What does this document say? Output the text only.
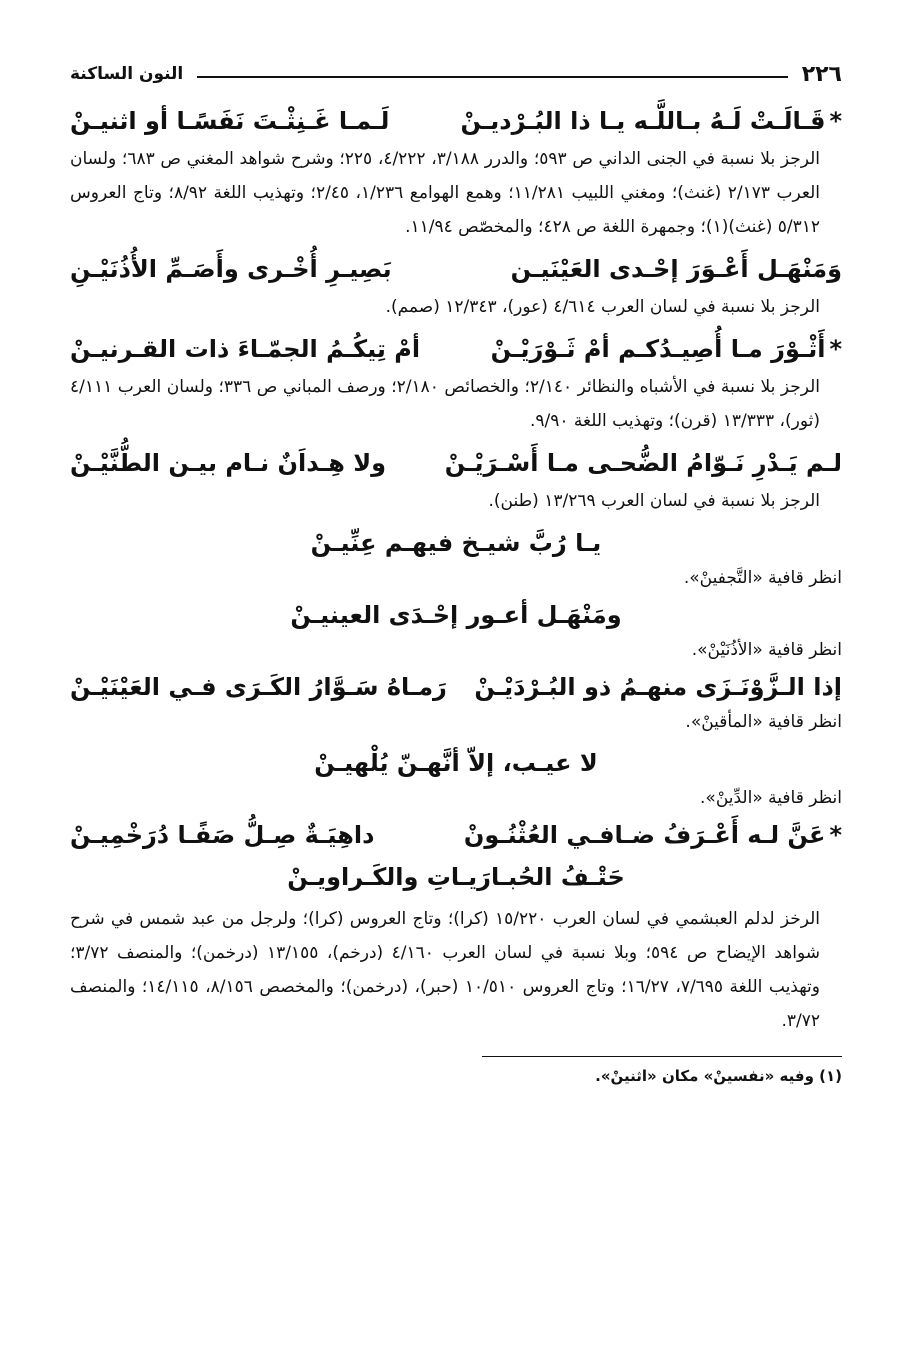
٢٢٦
النون الساكنة
*قَـالَـتْ لَـهُ بـاللَّـه يـا ذا البُـرْديـنْ
لَـمـا غَـنِثْـتَ نَفَسًـا أو اثنيـنْ

الرجز بلا نسبة في الجنى الداني ص ٥٩٣؛ والدرر ٣/١٨٨، ٤/٢٢٢، ٢٢٥؛ وشرح شواهد المغني ص ٦٨٣؛ ولسان العرب ٢/١٧٣ (غنث)؛ ومغني اللبيب ١١/٢٨١؛ وهمع الهوامع ١/٢٣٦، ٢/٤٥؛ وتهذيب اللغة ٨/٩٢؛ وتاج العروس ٥/٣١٢ (غنث)(١)؛ وجمهرة اللغة ص ٤٢٨؛ والمخصّص ١١/٩٤.

وَمَنْهَـل أَعْـوَرَ إحْـدى العَيْنَيـن
بَصِيـرِ أُخْـرى وأَصَـمِّ الأُذُنَيْـنِ

الرجز بلا نسبة في لسان العرب ٤/٦١٤ (عور)، ١٢/٣٤٣ (صمم).

*أَثْـوْرَ مـا أُصِيـدُكـم أمْ ثَـوْرَيْـنْ
أمْ تِيكُـمُ الجمّـاءَ ذات القـرنيـنْ

الرجز بلا نسبة في الأشباه والنظائر ٢/١٤٠؛ والخصائص ٢/١٨٠؛ ورصف المباني ص ٣٣٦؛ ولسان العرب ٤/١١١ (ثور)، ١٣/٣٣٣ (قرن)؛ وتهذيب اللغة ٩/٩٠.

لـم يَـدْرِ نَـوّامُ الضُّحـى مـا أَسْـرَيْـنْ
ولا هِـداَنٌ نـام بيـن الطُّنَّيْـنْ

الرجز بلا نسبة في لسان العرب ١٣/٢٦٩ (طنن).

يـا رُبَّ شيـخ فيهـم عِنِّيـنْ

انظر قافية «التَّجفينْ».

ومَنْهَـل أعـور إحْـدَى العينيـنْ

انظر قافية «الأذُنَيْنْ».

إذا الـزَّوْنَـزَى منهـمُ ذو البُـرْدَيْـنْ
رَمـاهُ سَـوَّارُ الكَـرَى فـي العَيْنَيْـنْ

انظر قافية «المأقينْ».

لا عيـب، إلاّ أنَّهـنّ يُلْهيـنْ

انظر قافية «الدِّينْ».

*عَنَّ لـه أَعْـرَفُ ضـافـي العُثْنُـونْ
داهِيَـةٌ صِـلُّ صَفًـا دُرَخْمِيـنْ
حَتْـفُ الحُبـارَيـاتِ والكَـراويـنْ

الرخز لدلم العبشمي في لسان العرب ١٥/٢٢٠ (كرا)؛ وتاج العروس (كرا)؛ ولرجل من عبد شمس في شرح شواهد الإيضاح ص ٥٩٤؛ وبلا نسبة في لسان العرب ٤/١٦٠ (درخم)، ١٣/١٥٥ (درخمن)؛ والمنصف ٣/٧٢؛ وتهذيب اللغة ٧/٦٩٥، ١٦/٢٧؛ وتاج العروس ١٠/٥١٠ (حبر)، (درخمن)؛ والمخصص ٨/١٥٦، ١٤/١١٥؛ والمنصف ٣/٧٢.

(١) وفيه «نفسينْ» مكان «اثنينْ».
